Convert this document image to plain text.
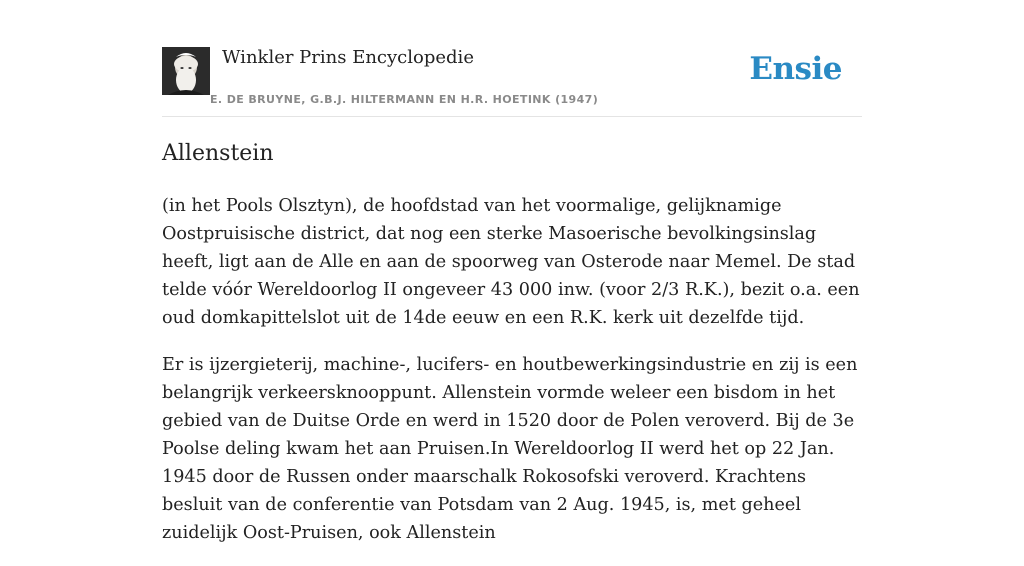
Winkler Prins Encyclopedie
E. DE BRUYNE, G.B.J. HILTERMANN EN H.R. HOETINK (1947)
Ensie
Allenstein

(in het Pools Olsztyn), de hoofdstad van het voormalige, gelijknamige Oostpruisische district, dat nog een sterke Masoerische bevolkingsinslag heeft, ligt aan de Alle en aan de spoorweg van Osterode naar Memel. De stad telde vóór Wereldoorlog II ongeveer 43 000 inw. (voor 2/3 R.K.), bezit o.a. een oud domkapittelslot uit de 14de eeuw en een R.K. kerk uit dezelfde tijd.

Er is ijzergieterij, machine-, lucifers- en houtbewerkingsindustrie en zij is een belangrijk verkeersknooppunt. Allenstein vormde weleer een bisdom in het gebied van de Duitse Orde en werd in 1520 door de Polen veroverd. Bij de 3e Poolse deling kwam het aan Pruisen.In Wereldoorlog II werd het op 22 Jan. 1945 door de Russen onder maarschalk Rokosofski veroverd. Krachtens besluit van de conferentie van Potsdam van 2 Aug. 1945, is, met geheel zuidelijk Oost-Pruisen, ook Allenstein
